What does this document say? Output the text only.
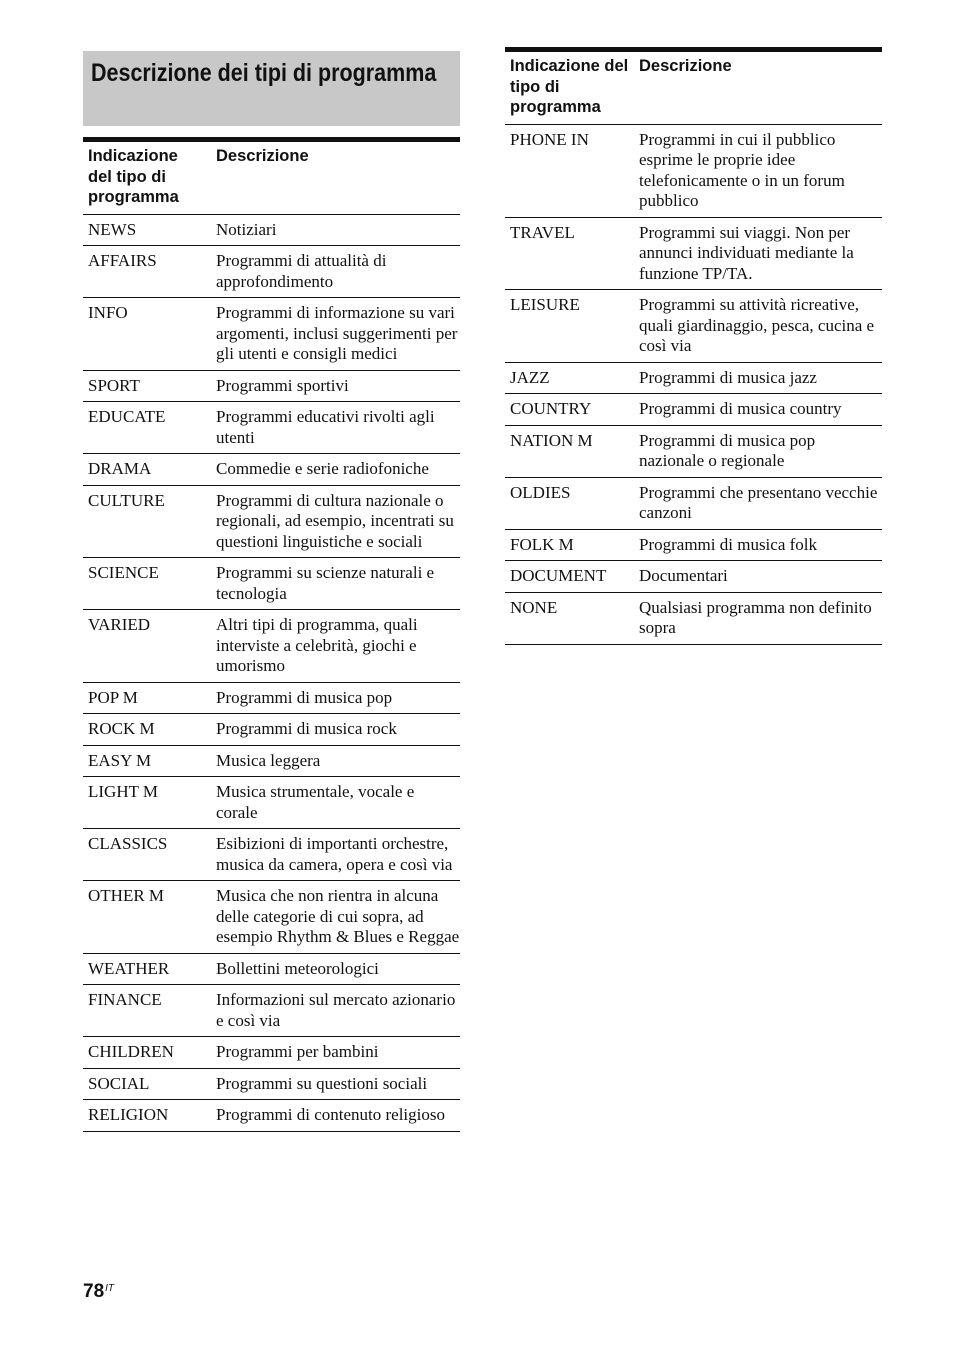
Descrizione dei tipi di programma
Indicazione del tipo di programma	Descrizione
NEWS	Notiziari
AFFAIRS	Programmi di attualità di approfondimento
INFO	Programmi di informazione su vari argomenti, inclusi suggerimenti per gli utenti e consigli medici
SPORT	Programmi sportivi
EDUCATE	Programmi educativi rivolti agli utenti
DRAMA	Commedie e serie radiofoniche
CULTURE	Programmi di cultura nazionale o regionali, ad esempio, incentrati su questioni linguistiche e sociali
SCIENCE	Programmi su scienze naturali e tecnologia
VARIED	Altri tipi di programma, quali interviste a celebrità, giochi e umorismo
POP M	Programmi di musica pop
ROCK M	Programmi di musica rock
EASY M	Musica leggera
LIGHT M	Musica strumentale, vocale e corale
CLASSICS	Esibizioni di importanti orchestre, musica da camera, opera e così via
OTHER M	Musica che non rientra in alcuna delle categorie di cui sopra, ad esempio Rhythm & Blues e Reggae
WEATHER	Bollettini meteorologici
FINANCE	Informazioni sul mercato azionario e così via
CHILDREN	Programmi per bambini
SOCIAL	Programmi su questioni sociali
RELIGION	Programmi di contenuto religioso
Indicazione del tipo di programma	Descrizione
PHONE IN	Programmi in cui il pubblico esprime le proprie idee telefonicamente o in un forum pubblico
TRAVEL	Programmi sui viaggi. Non per annunci individuati mediante la funzione TP/TA.
LEISURE	Programmi su attività ricreative, quali giardinaggio, pesca, cucina e così via
JAZZ	Programmi di musica jazz
COUNTRY	Programmi di musica country
NATION M	Programmi di musica pop nazionale o regionale
OLDIES	Programmi che presentano vecchie canzoni
FOLK M	Programmi di musica folk
DOCUMENT	Documentari
NONE	Qualsiasi programma non definito sopra
$78^{IT}$
